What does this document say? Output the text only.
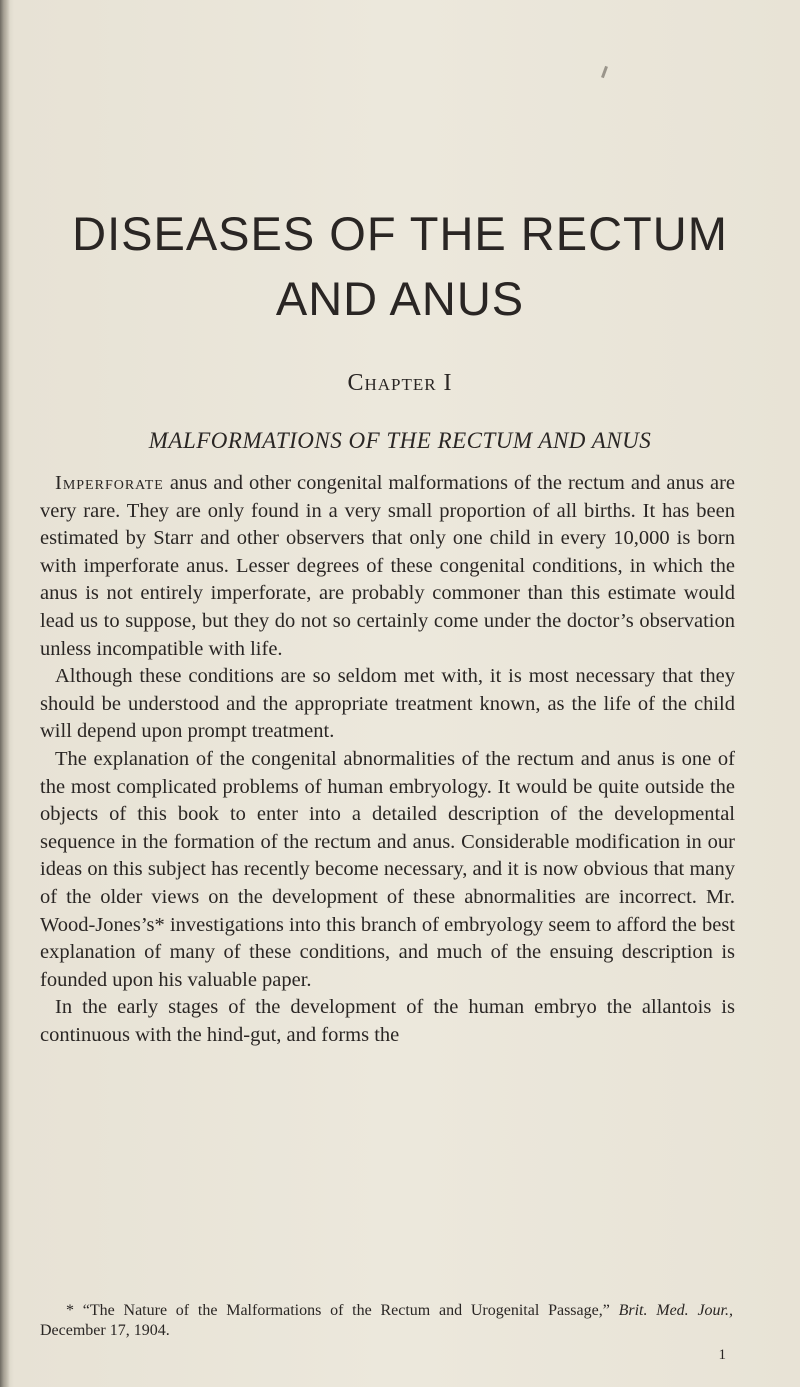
DISEASES OF THE RECTUM
AND ANUS
Chapter I
MALFORMATIONS OF THE RECTUM AND ANUS

Imperforate anus and other congenital malformations of the rectum and anus are very rare. They are only found in a very small proportion of all births. It has been estimated by Starr and other observers that only one child in every 10,000 is born with imperforate anus. Lesser degrees of these congenital conditions, in which the anus is not entirely imperforate, are probably commoner than this estimate would lead us to suppose, but they do not so certainly come under the doctor’s observation unless incompatible with life.

Although these conditions are so seldom met with, it is most necessary that they should be understood and the appropriate treatment known, as the life of the child will depend upon prompt treatment.

The explanation of the congenital abnormalities of the rectum and anus is one of the most complicated problems of human embryology. It would be quite outside the objects of this book to enter into a detailed description of the developmental sequence in the formation of the rectum and anus. Considerable modification in our ideas on this subject has recently become necessary, and it is now obvious that many of the older views on the development of these abnormalities are incorrect. Mr. Wood-Jones’s* investigations into this branch of embryology seem to afford the best explanation of many of these conditions, and much of the ensuing description is founded upon his valuable paper.

In the early stages of the development of the human embryo the allantois is continuous with the hind-gut, and forms the

* “The Nature of the Malformations of the Rectum and Urogenital Passage,” Brit. Med. Jour., December 17, 1904.

1
